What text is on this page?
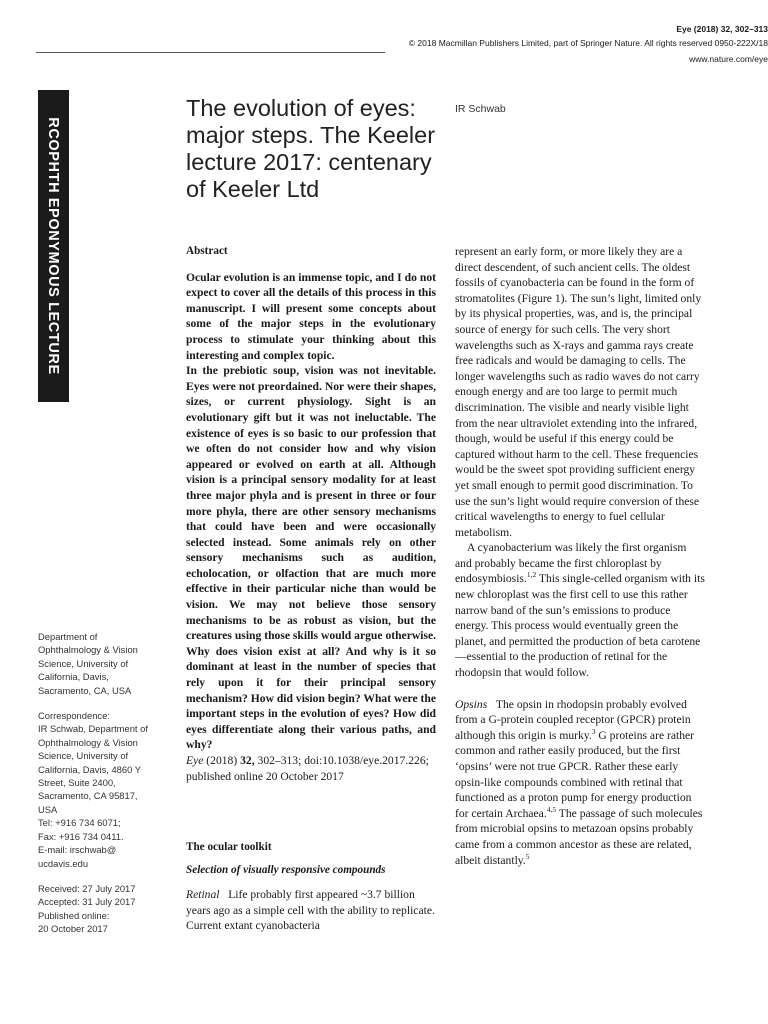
Eye (2018) 32, 302–313
© 2018 Macmillan Publishers Limited, part of Springer Nature. All rights reserved 0950-222X/18
www.nature.com/eye
RCOPHTH EPONYMOUS LECTURE
The evolution of eyes: major steps. The Keeler lecture 2017: centenary of Keeler Ltd
IR Schwab
Abstract

Ocular evolution is an immense topic, and I do not expect to cover all the details of this process in this manuscript. I will present some concepts about some of the major steps in the evolutionary process to stimulate your thinking about this interesting and complex topic.

In the prebiotic soup, vision was not inevitable. Eyes were not preordained. Nor were their shapes, sizes, or current physiology. Sight is an evolutionary gift but it was not ineluctable. The existence of eyes is so basic to our profession that we often do not consider how and why vision appeared or evolved on earth at all. Although vision is a principal sensory modality for at least three major phyla and is present in three or four more phyla, there are other sensory mechanisms that could have been and were occasionally selected instead. Some animals rely on other sensory mechanisms such as audition, echolocation, or olfaction that are much more effective in their particular niche than would be vision. We may not believe those sensory mechanisms to be as robust as vision, but the creatures using those skills would argue otherwise. Why does vision exist at all? And why is it so dominant at least in the number of species that rely upon it for their principal sensory mechanism? How did vision begin? What were the important steps in the evolution of eyes? How did eyes differentiate along their various paths, and why?

Eye (2018) 32, 302–313; doi:10.1038/eye.2017.226; published online 20 October 2017

The ocular toolkit
Selection of visually responsive compounds

Retinal Life probably first appeared ~3.7 billion years ago as a simple cell with the ability to replicate. Current extant cyanobacteria

represent an early form, or more likely they are a direct descendent, of such ancient cells. The oldest fossils of cyanobacteria can be found in the form of stromatolites (Figure 1). The sun’s light, limited only by its physical properties, was, and is, the principal source of energy for such cells. The very short wavelengths such as X-rays and gamma rays create free radicals and would be damaging to cells. The longer wavelengths such as radio waves do not carry enough energy and are too large to permit much discrimination. The visible and nearly visible light from the near ultraviolet extending into the infrared, though, would be useful if this energy could be captured without harm to the cell. These frequencies would be the sweet spot providing sufficient energy yet small enough to permit good discrimination. To use the sun’s light would require conversion of these critical wavelengths to energy to fuel cellular metabolism.

A cyanobacterium was likely the first organism and probably became the first chloroplast by endosymbiosis.$^{1,2}$ This single-celled organism with its new chloroplast was the first cell to use this rather narrow band of the sun’s emissions to produce energy. This process would eventually green the planet, and permitted the production of beta carotene—essential to the production of retinal for the rhodopsin that would follow.

Opsins The opsin in rhodopsin probably evolved from a G-protein coupled receptor (GPCR) protein although this origin is murky.$^3$ G proteins are rather common and rather easily produced, but the first ‘opsins’ were not true GPCR. Rather these early opsin-like compounds combined with retinal that functioned as a proton pump for energy production for certain Archaea.$^{4,5}$ The passage of such molecules from microbial opsins to metazoan opsins probably came from a common ancestor as these are related, albeit distantly.$^5$

Department of
Ophthalmology & Vision
Science, University of
California, Davis,
Sacramento, CA, USA
Correspondence:
IR Schwab, Department of
Ophthalmology & Vision
Science, University of
California, Davis, 4860 Y
Street, Suite 2400,
Sacramento, CA 95817,
USA
Tel: +916 734 6071;
Fax: +916 734 0411.
E-mail: irschwab@
ucdavis.edu
Received: 27 July 2017
Accepted: 31 July 2017
Published online:
20 October 2017
